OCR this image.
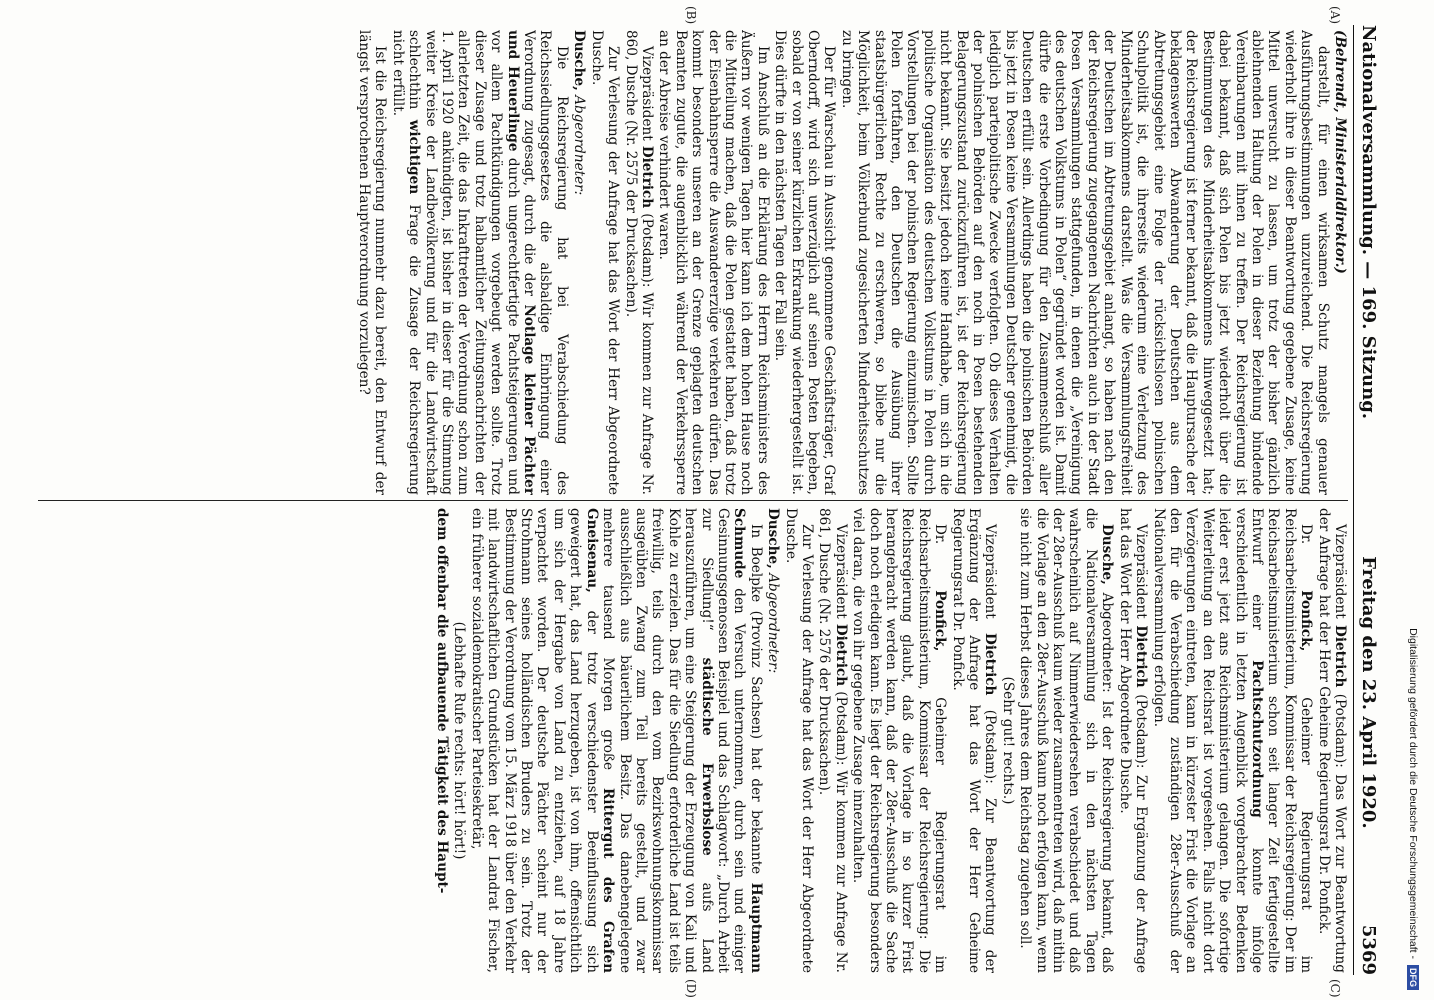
Digitalisierung gefördert durch die Deutsche Forschungsgemeinschaft -
DFG
Nationalversammlung. — 169. Sitzung.
Freitag den 23. April 1920.
5369
(A)
(B)
(C)
(D)

(Behrendt, Ministerialdirektor.)

darstellt, für einen wirksamen Schutz mangels genauer Ausführungsbestimmungen unzureichend. Die Reichsregierung wiederholt ihre in dieser Beantwortung gegebene Zusage, keine Mittel unversucht zu lassen, um trotz der bisher gänzlich ablehnenden Haltung der Polen in dieser Beziehung bindende Vereinbarungen mit ihnen zu treffen. Der Reichsregierung ist dabei bekannt, daß sich Polen bis jetzt wiederholt über die Bestimmungen des Minderheitsabkommens hinweggesetzt hat; der Reichsregierung ist ferner bekannt, daß die Hauptursache der beklagenswerten Abwanderung der Deutschen aus dem Abtretungsgebiet eine Folge der rücksichtslosen polnischen Schulpolitik ist, die ihrerseits wiederum eine Verletzung des Minderheitsabkommens darstellt. Was die Versammlungsfreiheit der Deutschen im Abtretungsgebiet anlangt, so haben nach den der Reichsregierung zugegangenen Nachrichten auch in der Stadt Posen Versammlungen stattgefunden, in denen die „Vereinigung des deutschen Volkstums in Polen“ gegründet worden ist. Damit dürfte die erste Vorbedingung für den Zusammenschluß aller Deutschen erfüllt sein. Allerdings haben die polnischen Behörden bis jetzt in Posen keine Versammlungen Deutscher genehmigt, die lediglich parteipolitische Zwecke verfolgten. Ob dieses Verhalten der polnischen Behörden auf den noch in Posen bestehenden Belagerungszustand zurückzuführen ist, ist der Reichsregierung nicht bekannt. Sie besitzt jedoch keine Handhabe, um sich in die politische Organisation des deutschen Volkstums in Polen durch Vorstellungen bei der polnischen Regierung einzumischen. Sollte Polen fortfahren, den Deutschen die Ausübung ihrer staatsbürgerlichen Rechte zu erschweren, so bliebe nur die Möglichkeit, beim Völkerbund zugesicherten Minderheitsschutzes zu bringen.

Der für Warschau in Aussicht genommene Geschäftsträger, Graf Oberndorff, wird sich unverzüglich auf seinen Posten begeben, sobald er von seiner kürzlichen Erkrankung wiederhergestellt ist. Dies dürfte in den nächsten Tagen der Fall sein.

Im Anschluß an die Erklärung des Herrn Reichsministers des Äußern vor wenigen Tagen hier kann ich dem hohen Hause noch die Mitteilung machen, daß die Polen gestattet haben, daß trotz der Eisenbahnsperre die Auswandererzüge verkehren dürfen. Das kommt besonders unseren an der Grenze geplagten deutschen Beamten zugute, die augenblicklich während der Verkehrssperre an der Abreise verhindert waren.

Vizepräsident Dietrich (Potsdam): Wir kommen zur Anfrage Nr. 860, Dusche (Nr. 2575 der Drucksachen).

Zur Verlesung der Anfrage hat das Wort der Herr Abgeordnete Dusche.

Dusche, Abgeordneter:

Die Reichsregierung hat bei Verabschiedung des Reichssiedlungsgesetzes die alsbaldige Einbringung einer Verordnung zugesagt, durch die der Notlage kleiner Pächter und Heuerlinge durch ungerechtfertigte Pachtsteigerungen und vor allem Pachtkündigungen vorgebeugt werden sollte. Trotz dieser Zusage und trotz halbamtlicher Zeitungsnachrichten der allerletzten Zeit, die das Inkrafttreten der Verordnung schon zum 1. April 1920 ankündigten, ist bisher in dieser für die Stimmung weiter Kreise der Landbevölkerung und für die Landwirtschaft schlechthin wichtigen Frage die Zusage der Reichsregierung nicht erfüllt.

Ist die Reichsregierung nunmehr dazu bereit, den Entwurf der längst versprochenen Hauptverordnung vorzulegen?

Vizepräsident Dietrich (Potsdam): Das Wort zur Beantwortung der Anfrage hat der Herr Geheime Regierungsrat Dr. Ponfick.

Dr. Ponfick, Geheimer Regierungsrat im Reichsarbeitsministerium, Kommissar der Reichsregierung: Der im Reichsarbeitsministerium schon seit langer Zeit fertiggestellte Entwurf einer Pachtschutzordnung konnte infolge verschiedentlich in letzten Augenblick vorgebrachter Bedenken leider erst jetzt ans Reichsministerium gelangen. Die sofortige Weiterleitung an den Reichsrat ist vorgesehen. Falls nicht dort Verzögerungen eintreten, kann in kürzester Frist die Vorlage an den für die Verabschiedung zuständigen 28er-Ausschuß der Nationalversammlung erfolgen.

Vizepräsident Dietrich (Potsdam): Zur Ergänzung der Anfrage hat das Wort der Herr Abgeordnete Dusche.

Dusche, Abgeordneter: Ist der Reichsregierung bekannt, daß die Nationalversammlung sich in den nächsten Tagen wahrscheinlich auf Nimmerwiedersehen verabschiedet und daß der 28er-Ausschuß kaum wieder zusammentreten wird, daß mithin die Vorlage an den 28er-Ausschuß kaum noch erfolgen kann, wenn sie nicht zum Herbst dieses Jahres dem Reichstag zugehen soll.

(Sehr gut! rechts.)

Vizepräsident Dietrich (Potsdam): Zur Beantwortung der Ergänzung der Anfrage hat das Wort der Herr Geheime Regierungsrat Dr. Ponfick.

Dr. Ponfick, Geheimer Regierungsrat im Reichsarbeitsministerium, Kommissar der Reichsregierung: Die Reichsregierung glaubt, daß die Vorlage in so kurzer Frist herangebracht werden kann, daß der 28er-Ausschuß die Sache doch noch erledigen kann. Es liegt der Reichsregierung besonders viel daran, die von ihr gegebene Zusage innezuhalten.

Vizepräsident Dietrich (Potsdam): Wir kommen zur Anfrage Nr. 861, Dusche (Nr. 2576 der Drucksachen).

Zur Verlesung der Anfrage hat das Wort der Herr Abgeordnete Dusche.

Dusche, Abgeordneter:

In Boelpke (Provinz Sachsen) hat der bekannte Hauptmann Schmude den Versuch unternommen, durch sein und einiger Gesinnungsgenossen Beispiel und das Schlagwort: „Durch Arbeit zur Siedlung!“ städtische Erwerbslose aufs Land herauszuführen, um eine Steigerung der Erzeugung von Kali und Kohle zu erzielen. Das für die Siedlung erforderliche Land ist teils freiwillig, teils durch den vom Bezirkswohnungskommissar ausgeübten Zwang zum Teil bereits gestellt, und zwar ausschließlich aus bäuerlichem Besitz. Das danebengelegene mehrere tausend Morgen große Rittergut des Grafen Gneisenau, der trotz verschiedenster Beeinflussung sich geweigert hat, das Land herzugeben, ist von ihm, offensichtlich um sich der Hergabe von Land zu entziehen, auf 18 Jahre verpachtet worden. Der deutsche Pächter scheint nur der Strohmann seines holländischen Bruders zu sein. Trotz der Bestimmung der Verordnung vom 15. März 1918 über den Verkehr mit landwirtschaftlichen Grundstücken hat der Landrat Fischer, ein früherer sozialdemokratischer Parteisekretär,

(Lebhafte Rufe rechts: hört! hört!)

dem offenbar die aufbauende Tätigkeit des Haupt-
